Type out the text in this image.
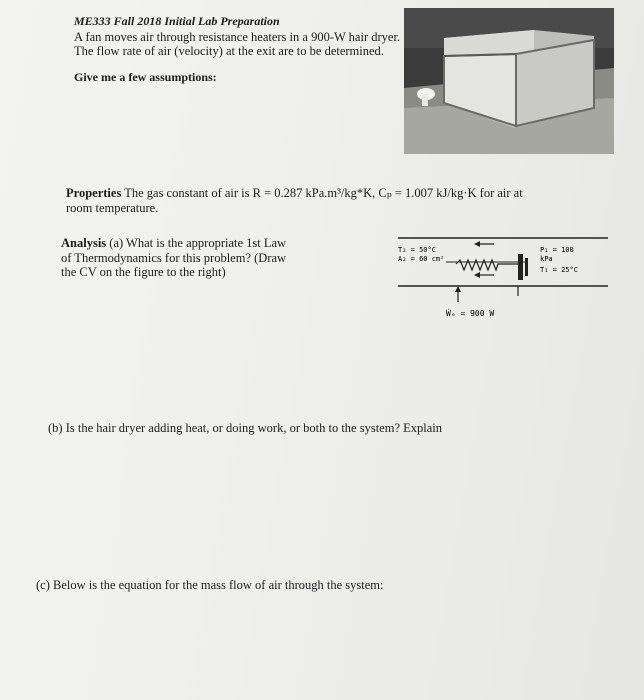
ME333 Fall 2018 Initial Lab Preparation
A fan moves air through resistance heaters in a 900-W hair dryer.
The flow rate of air (velocity) at the exit are to be determined.
Give me a few assumptions:
Properties The gas constant of air is R = 0.287 kPa.m³/kg*K, Cₚ = 1.007 kJ/kg·K for air at
room temperature.
Analysis (a) What is the appropriate 1st Law
of Thermodynamics for this problem? (Draw
the CV on the figure to the right)
T₂ = 50°C
A₂ = 60 cm²
P₁ = 100
kPa
T₁ = 25°C
Ẇₑ = 900 W
(b) Is the hair dryer adding heat, or doing work, or both to the system? Explain
(c) Below is the equation for the mass flow of air through the system:
